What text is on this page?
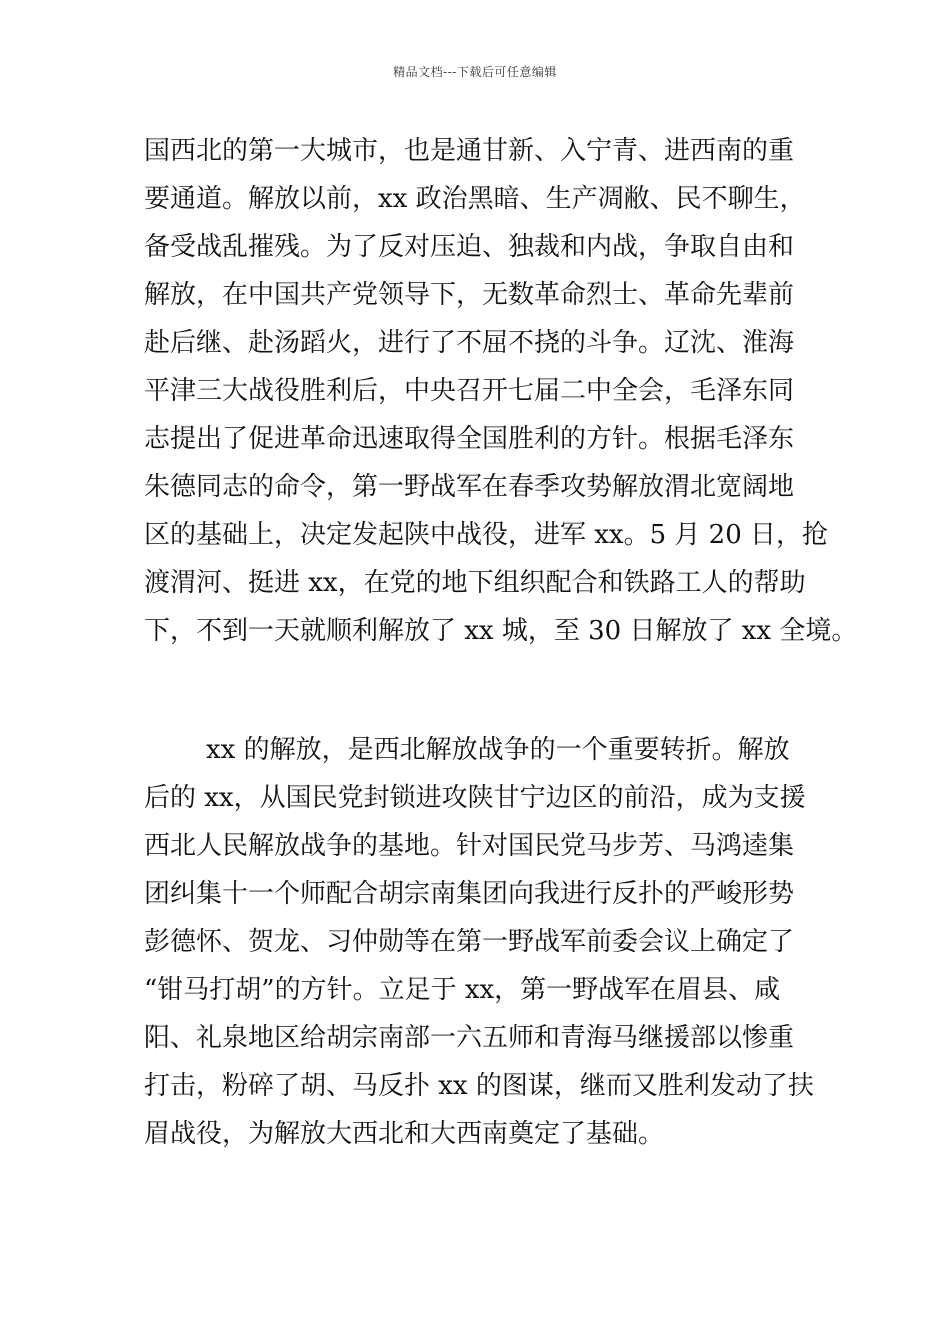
精品文档---下载后可任意编辑
国西北的第一大城市，也是通甘新、入宁青、进西南的重
要通道。解放以前，xx 政治黑暗、生产凋敝、民不聊生，
备受战乱摧残。为了反对压迫、独裁和内战，争取自由和
解放，在中国共产党领导下，无数革命烈士、革命先辈前
赴后继、赴汤蹈火，进行了不屈不挠的斗争。辽沈、淮海
平津三大战役胜利后，中央召开七届二中全会，毛泽东同
志提出了促进革命迅速取得全国胜利的方针。根据毛泽东
朱德同志的命令，第一野战军在春季攻势解放渭北宽阔地
区的基础上，决定发起陕中战役，进军 xx。5 月 20 日，抢
渡渭河、挺进 xx，在党的地下组织配合和铁路工人的帮助
下，不到一天就顺利解放了 xx 城，至 30 日解放了 xx 全境。
xx 的解放，是西北解放战争的一个重要转折。解放
后的 xx，从国民党封锁进攻陕甘宁边区的前沿，成为支援
西北人民解放战争的基地。针对国民党马步芳、马鸿逵集
团纠集十一个师配合胡宗南集团向我进行反扑的严峻形势
彭德怀、贺龙、习仲勋等在第一野战军前委会议上确定了
“钳马打胡”的方针。立足于 xx，第一野战军在眉县、咸
阳、礼泉地区给胡宗南部一六五师和青海马继援部以惨重
打击，粉碎了胡、马反扑 xx 的图谋，继而又胜利发动了扶
眉战役，为解放大西北和大西南奠定了基础。
